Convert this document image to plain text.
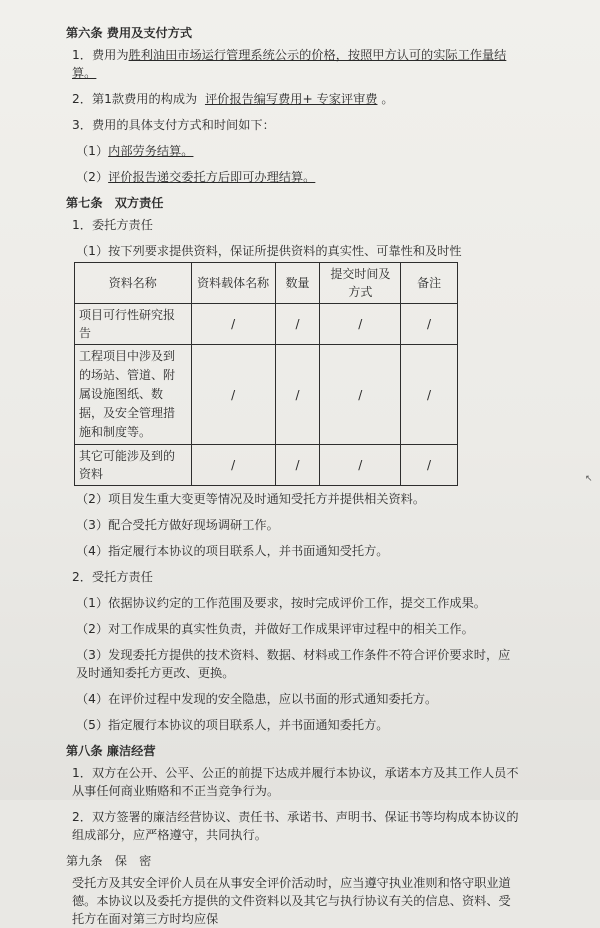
第六条 费用及支付方式
1．费用为胜利油田市场运行管理系统公示的价格，按照甲方认可的实际工作量结算。
2．第1款费用的构成为 评价报告编写费用+ 专家评审费 。
3．费用的具体支付方式和时间如下：
（1）内部劳务结算。
（2）评价报告递交委托方后即可办理结算。
第七条　双方责任
1．委托方责任
（1）按下列要求提供资料，保证所提供资料的真实性、可靠性和及时性
资料名称	资料载体名称	数量	提交时间及方式	备注
项目可行性研究报告	/	/	/	/
工程项目中涉及到的场站、管道、附属设施图纸、数据，及安全管理措施和制度等。	/	/	/	/
其它可能涉及到的资料	/	/	/	/
（2）项目发生重大变更等情况及时通知受托方并提供相关资料。
（3）配合受托方做好现场调研工作。
（4）指定履行本协议的项目联系人，并书面通知受托方。
2．受托方责任
（1）依据协议约定的工作范围及要求，按时完成评价工作，提交工作成果。
（2）对工作成果的真实性负责，并做好工作成果评审过程中的相关工作。
（3）发现委托方提供的技术资料、数据、材料或工作条件不符合评价要求时，应及时通知委托方更改、更换。
（4）在评价过程中发现的安全隐患，应以书面的形式通知委托方。
（5）指定履行本协议的项目联系人，并书面通知委托方。
第八条 廉洁经营
1．双方在公开、公平、公正的前提下达成并履行本协议，承诺本方及其工作人员不从事任何商业贿赂和不正当竞争行为。
2．双方签署的廉洁经营协议、责任书、承诺书、声明书、保证书等均构成本协议的组成部分，应严格遵守，共同执行。
第九条　保　密
受托方及其安全评价人员在从事安全评价活动时，应当遵守执业准则和恪守职业道德。本协议以及委托方提供的文件资料以及其它与执行协议有关的信息、资料、受托方在面对第三方时均应保
↖
